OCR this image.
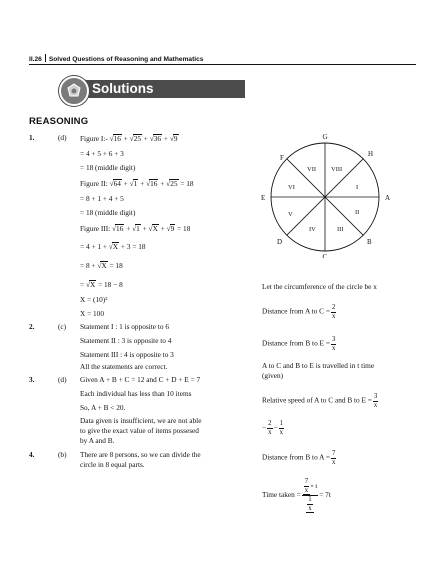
II.26 Solved Questions of Reasoning and Mathematics
Solutions
REASONING
1.	(d) Figure I:- √16 + √25 + √36 + √9
= 4 + 5 + 6 + 3
= 18 (middle digit)
Figure II: √64 + √1 + √16 + √25 = 18
= 8 + 1 + 4 + 5
= 18 (middle digit)
Figure III: √16 + √1 + √X + √9 = 18
= 4 + 1 + √X + 3 = 18
= 8 + √X = 18
= √X = 18 − 8
X = (10)²
X = 100
2.	(c) Statement I : 1 is opposite to 6
Statement II : 3 is opposite to 4
Statement III : 4 is opposite to 3
All the statements are correct.
3.	(d) Given A + B + C = 12 and C + D + E = 7
Each individual has less than 10 items
So, A + B < 20.
Data given is insufficient, we are not able
to give the exact value of items possesed
by A and B.
4.	(b) There are 8 persons, so we can divide the
circle in 8 equal parts.
G
H
A
B
C
D
E
F
VII VIII
I
II
III
IV
V
VI
Let the circumference of the circle be x
Distance from A to $C = \frac{2}{x}$
Distance from B to $E = \frac{3}{x}$
A to C and B to E is travelled in t time
(given)
Relative speed of A to C and B to $E = \frac{3}{x}$
− $\frac{2}{x} - \frac{1}{x}$
Distance from B to $A = \frac{7}{x}$
Time taken = $\frac{\frac{7}{x} \times t}{\frac{1}{x}} = 7t$
